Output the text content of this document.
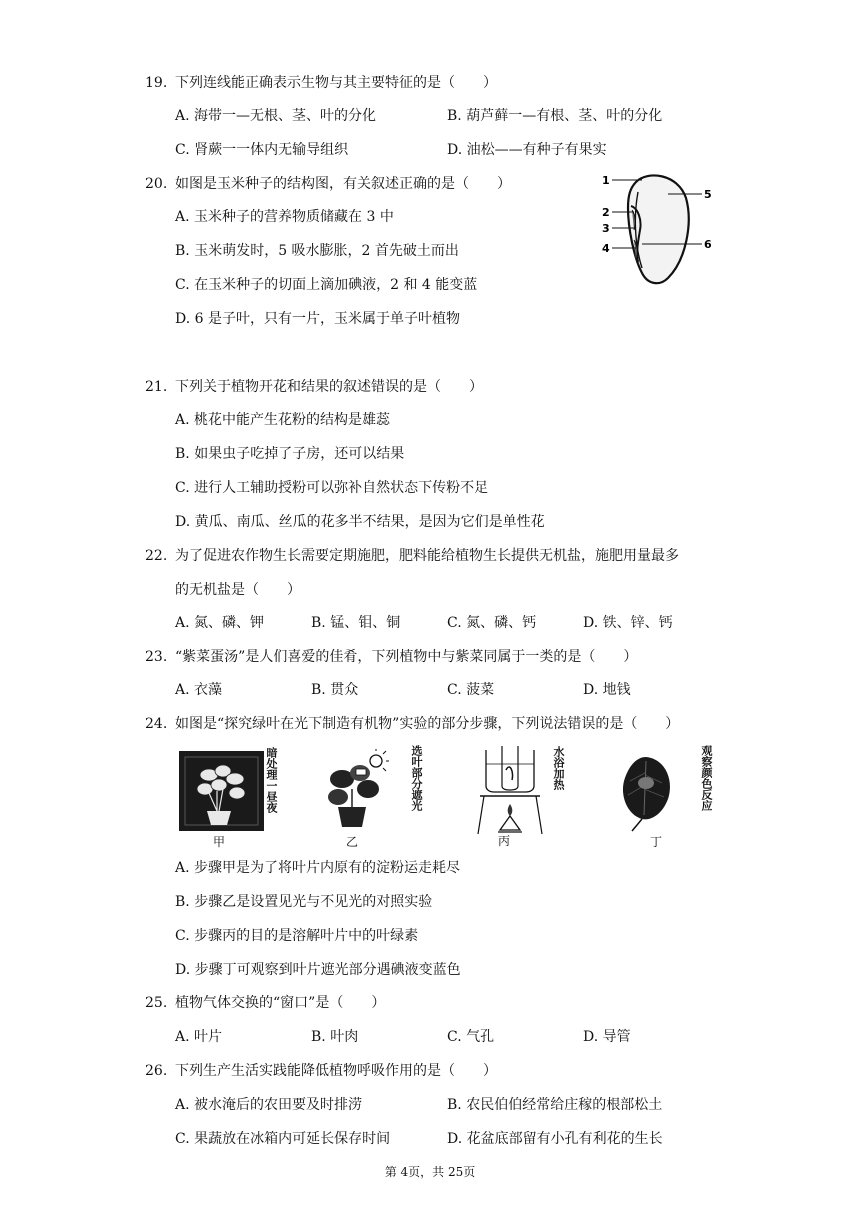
19. 下列连线能正确表示生物与其主要特征的是（　　）
A. 海带一—无根、茎、叶的分化	B. 葫芦藓一—有根、茎、叶的分化
C. 肾蕨一一体内无输导组织	D. 油松——有种子有果实
20. 如图是玉米种子的结构图，有关叙述正确的是（　　）
A. 玉米种子的营养物质储藏在 3 中
B. 玉米萌发时，5 吸水膨胀，2 首先破土而出
C. 在玉米种子的切面上滴加碘液，2 和 4 能变蓝
D. 6 是子叶，只有一片，玉米属于单子叶植物
1
2
3
4
5
6
21. 下列关于植物开花和结果的叙述错误的是（　　）
A. 桃花中能产生花粉的结构是雄蕊
B. 如果虫子吃掉了子房，还可以结果
C. 进行人工辅助授粉可以弥补自然状态下传粉不足
D. 黄瓜、南瓜、丝瓜的花多半不结果，是因为它们是单性花
22. 为了促进农作物生长需要定期施肥，肥料能给植物生长提供无机盐，施肥用量最多
的无机盐是（　　）
A. 氮、磷、钾	B. 锰、钼、铜	C. 氮、磷、钙	D. 铁、锌、钙
23. “紫菜蛋汤”是人们喜爱的佳肴，下列植物中与紫菜同属于一类的是（　　）
A. 衣藻	B. 贯众	C. 菠菜	D. 地钱
24. 如图是“探究绿叶在光下制造有机物”实验的部分步骤，下列说法错误的是（　　）
暗处理一昼夜
甲
选叶部分遮光
乙
水浴加热
丙
观察颜色反应
丁
A. 步骤甲是为了将叶片内原有的淀粉运走耗尽
B. 步骤乙是设置见光与不见光的对照实验
C. 步骤丙的目的是溶解叶片中的叶绿素
D. 步骤丁可观察到叶片遮光部分遇碘液变蓝色
25. 植物气体交换的“窗口”是（　　）
A. 叶片	B. 叶肉	C. 气孔	D. 导管
26. 下列生产生活实践能降低植物呼吸作用的是（　　）
A. 被水淹后的农田要及时排涝	B. 农民伯伯经常给庄稼的根部松土
C. 果蔬放在冰箱内可延长保存时间	D. 花盆底部留有小孔有利花的生长
第 4页，共 25页
